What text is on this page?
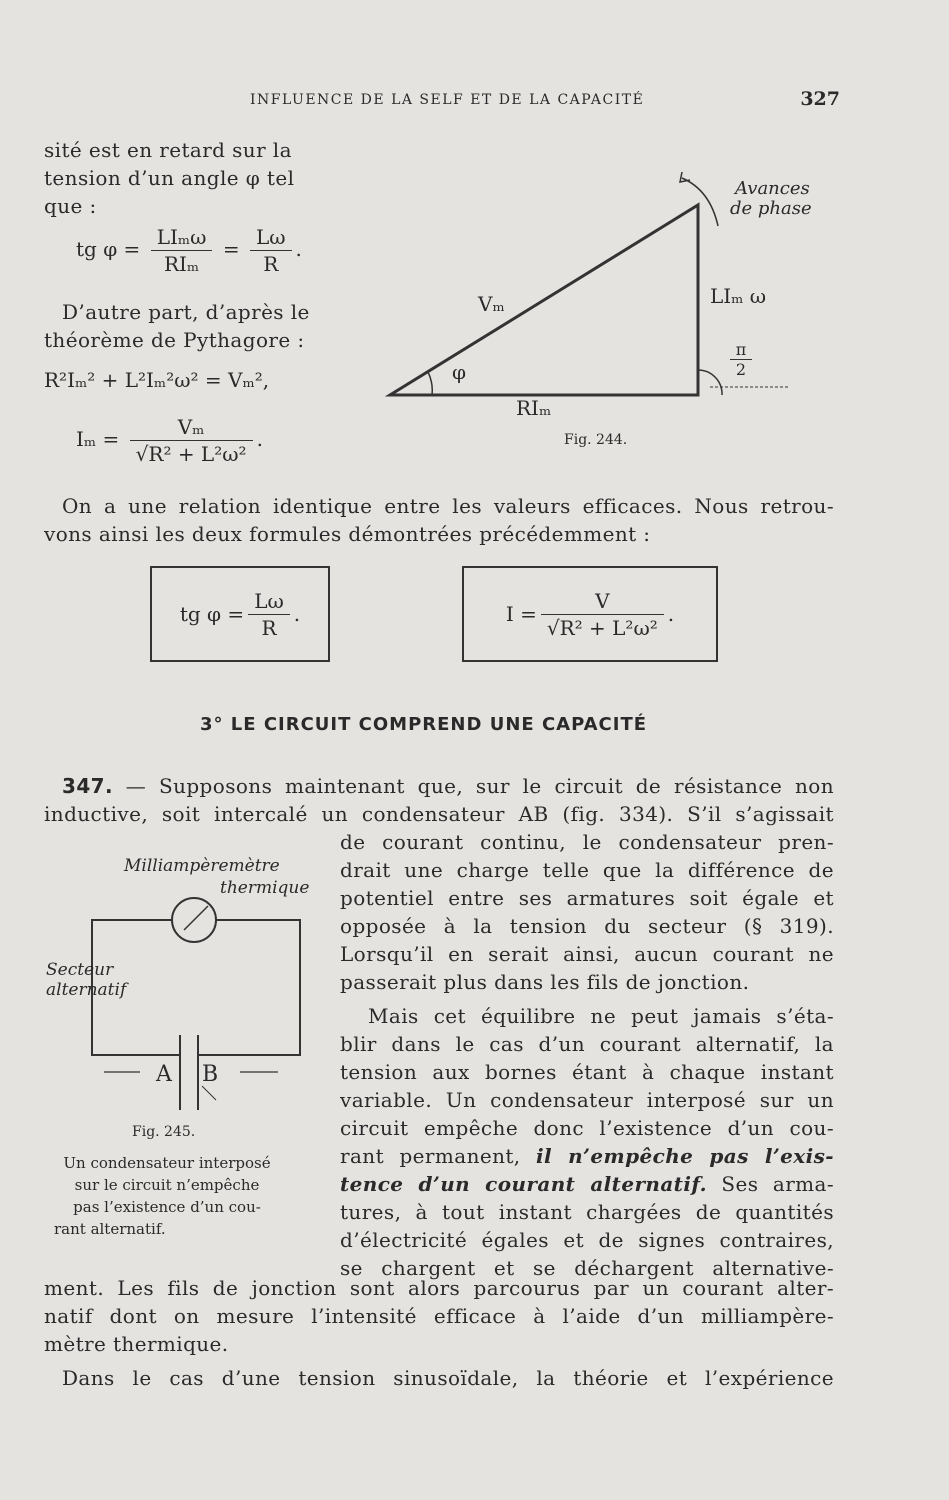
INFLUENCE DE LA SELF ET DE LA CAPACITÉ	327
sité est en retard sur la
tension d’un angle φ tel
que :
tg $\varphi = \frac{\text{LIₘω}}{\text{RIₘ}} = \frac{L\omega}{R}$ .
D’autre part, d’après le
théorème de Pythagore :
R²Iₘ² + L²Iₘ²ω² = Vₘ²,
$I_m = \frac{\text{Vₘ}}{\text{√R² + L²ω²}}$ .
Avances
de phase
Vₘ	LIₘ ω
φ
RIₘ
π
2
Fig. 244.
On a une relation identique entre les valeurs efficaces. Nous retrou-
vons ainsi les deux formules démontrées précédemment :
tg $\varphi = \frac{L\omega}{R}$ .	$I = \frac{V}{\text{√R² + L²ω²}}$ .
3° LE CIRCUIT COMPREND UNE CAPACITÉ
347. — Supposons maintenant que, sur le circuit de résistance non
inductive, soit intercalé un condensateur AB (fig. 334). S’il s’agissait
de courant continu, le condensateur pren-
drait une charge telle que la différence de
potentiel entre ses armatures soit égale et
opposée à la tension du secteur (§ 319).
Lorsqu’il en serait ainsi, aucun courant ne
passerait plus dans les fils de jonction.
Mais cet équilibre ne peut jamais s’éta-
blir dans le cas d’un courant alternatif, la
tension aux bornes étant à chaque instant
variable. Un condensateur interposé sur un
circuit empêche donc l’existence d’un cou-
rant permanent, il n’empêche pas l’exis-
tence d’un courant alternatif. Ses arma-
tures, à tout instant chargées de quantités
d’électricité égales et de signes contraires,
se chargent et se déchargent alternative-
ment. Les fils de jonction sont alors parcourus par un courant alter-
natif dont on mesure l’intensité efficace à l’aide d’un milliampère-
mètre thermique.
Dans le cas d’une tension sinusoïdale, la théorie et l’expérience
Milliampèremètre
thermique
Secteur
alternatif
A B
Fig. 245.
Un condensateur interposé
sur le circuit n’empêche
pas l’existence d’un cou-
rant alternatif.
